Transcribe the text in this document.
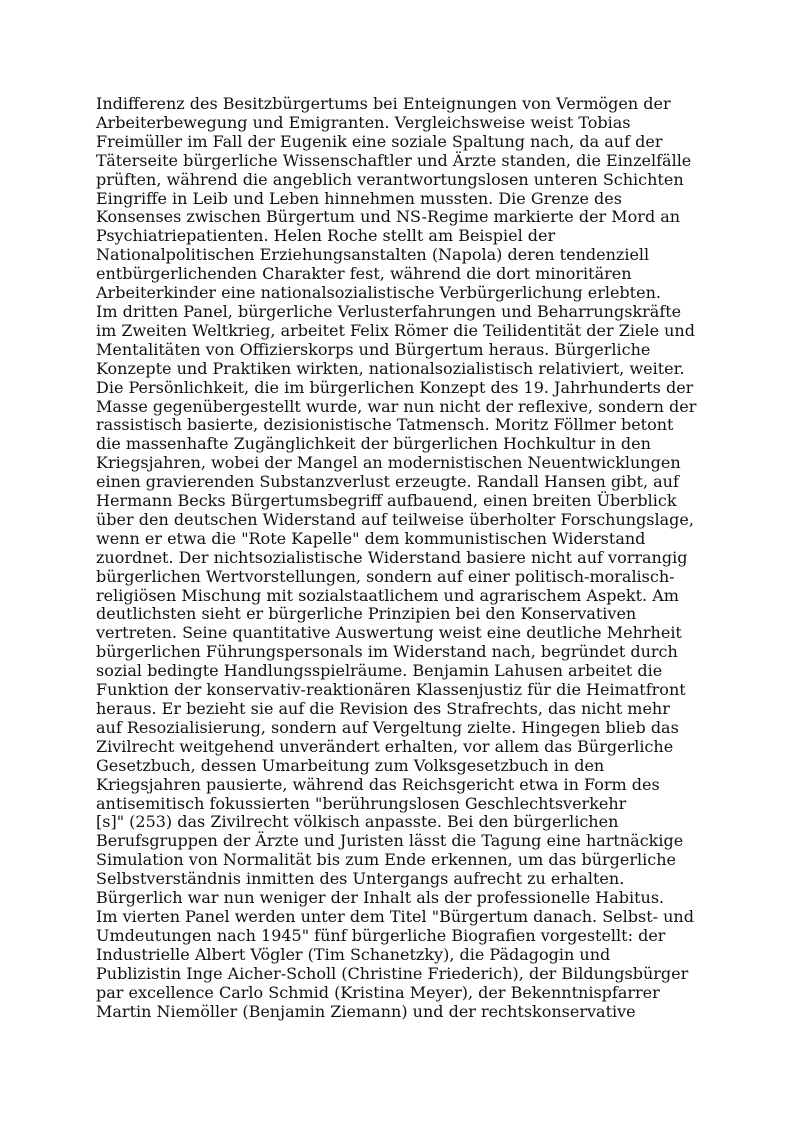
Indifferenz des Besitzbürgertums bei Enteignungen von Vermögen der
Arbeiterbewegung und Emigranten. Vergleichsweise weist Tobias
Freimüller im Fall der Eugenik eine soziale Spaltung nach, da auf der
Täterseite bürgerliche Wissenschaftler und Ärzte standen, die Einzelfälle
prüften, während die angeblich verantwortungslosen unteren Schichten
Eingriffe in Leib und Leben hinnehmen mussten. Die Grenze des
Konsenses zwischen Bürgertum und NS-Regime markierte der Mord an
Psychiatriepatienten. Helen Roche stellt am Beispiel der
Nationalpolitischen Erziehungsanstalten (Napola) deren tendenziell
entbürgerlichenden Charakter fest, während die dort minoritären
Arbeiterkinder eine nationalsozialistische Verbürgerlichung erlebten.
Im dritten Panel, bürgerliche Verlusterfahrungen und Beharrungskräfte
im Zweiten Weltkrieg, arbeitet Felix Römer die Teilidentität der Ziele und
Mentalitäten von Offizierskorps und Bürgertum heraus. Bürgerliche
Konzepte und Praktiken wirkten, nationalsozialistisch relativiert, weiter.
Die Persönlichkeit, die im bürgerlichen Konzept des 19. Jahrhunderts der
Masse gegenübergestellt wurde, war nun nicht der reflexive, sondern der
rassistisch basierte, dezisionistische Tatmensch. Moritz Föllmer betont
die massenhafte Zugänglichkeit der bürgerlichen Hochkultur in den
Kriegsjahren, wobei der Mangel an modernistischen Neuentwicklungen
einen gravierenden Substanzverlust erzeugte. Randall Hansen gibt, auf
Hermann Becks Bürgertumsbegriff aufbauend, einen breiten Überblick
über den deutschen Widerstand auf teilweise überholter Forschungslage,
wenn er etwa die "Rote Kapelle" dem kommunistischen Widerstand
zuordnet. Der nichtsozialistische Widerstand basiere nicht auf vorrangig
bürgerlichen Wertvorstellungen, sondern auf einer politisch-moralisch-
religiösen Mischung mit sozialstaatlichem und agrarischem Aspekt. Am
deutlichsten sieht er bürgerliche Prinzipien bei den Konservativen
vertreten. Seine quantitative Auswertung weist eine deutliche Mehrheit
bürgerlichen Führungspersonals im Widerstand nach, begründet durch
sozial bedingte Handlungsspielräume. Benjamin Lahusen arbeitet die
Funktion der konservativ-reaktionären Klassenjustiz für die Heimatfront
heraus. Er bezieht sie auf die Revision des Strafrechts, das nicht mehr
auf Resozialisierung, sondern auf Vergeltung zielte. Hingegen blieb das
Zivilrecht weitgehend unverändert erhalten, vor allem das Bürgerliche
Gesetzbuch, dessen Umarbeitung zum Volksgesetzbuch in den
Kriegsjahren pausierte, während das Reichsgericht etwa in Form des
antisemitisch fokussierten "berührungslosen Geschlechtsverkehr
[s]" (253) das Zivilrecht völkisch anpasste. Bei den bürgerlichen
Berufsgruppen der Ärzte und Juristen lässt die Tagung eine hartnäckige
Simulation von Normalität bis zum Ende erkennen, um das bürgerliche
Selbstverständnis inmitten des Untergangs aufrecht zu erhalten.
Bürgerlich war nun weniger der Inhalt als der professionelle Habitus.
Im vierten Panel werden unter dem Titel "Bürgertum danach. Selbst- und
Umdeutungen nach 1945" fünf bürgerliche Biografien vorgestellt: der
Industrielle Albert Vögler (Tim Schanetzky), die Pädagogin und
Publizistin Inge Aicher-Scholl (Christine Friederich), der Bildungsbürger
par excellence Carlo Schmid (Kristina Meyer), der Bekenntnispfarrer
Martin Niemöller (Benjamin Ziemann) und der rechtskonservative
